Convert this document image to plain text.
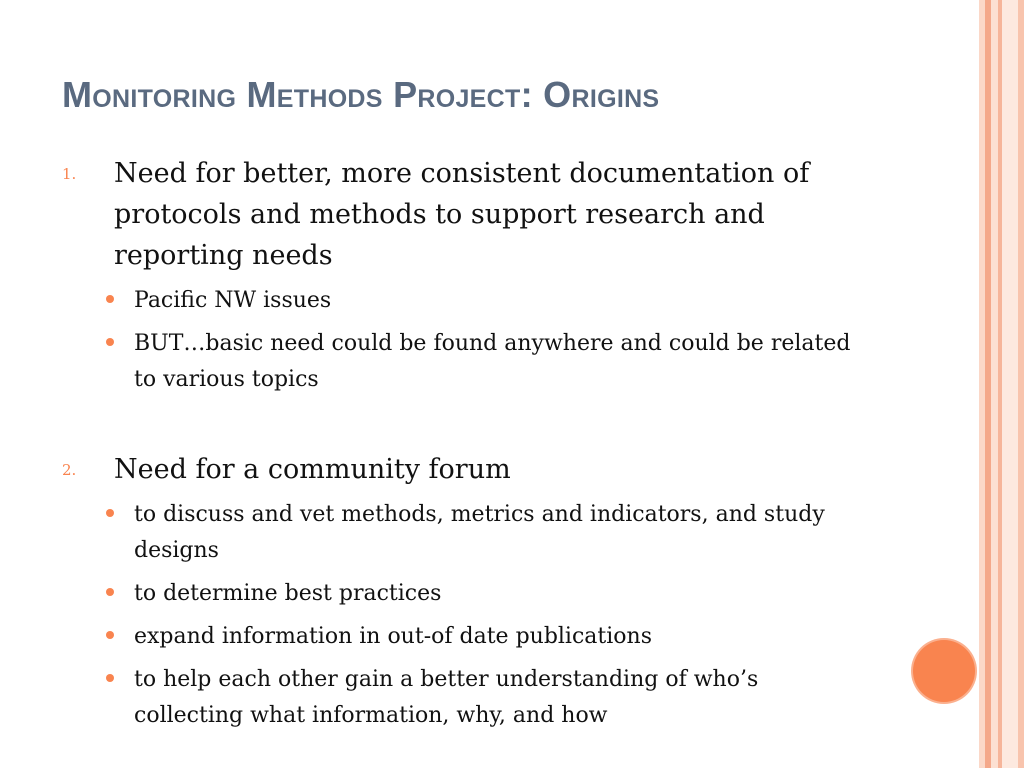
Monitoring Methods Project: Origins
1. Need for better, more consistent documentation of protocols and methods to support research and reporting needs
Pacific NW issues
BUT…basic need could be found anywhere and could be related to various topics
2. Need for a community forum
to discuss and vet methods, metrics and indicators, and study designs
to determine best practices
expand information in out-of date publications
to help each other gain a better understanding of who’s collecting what information, why, and how
